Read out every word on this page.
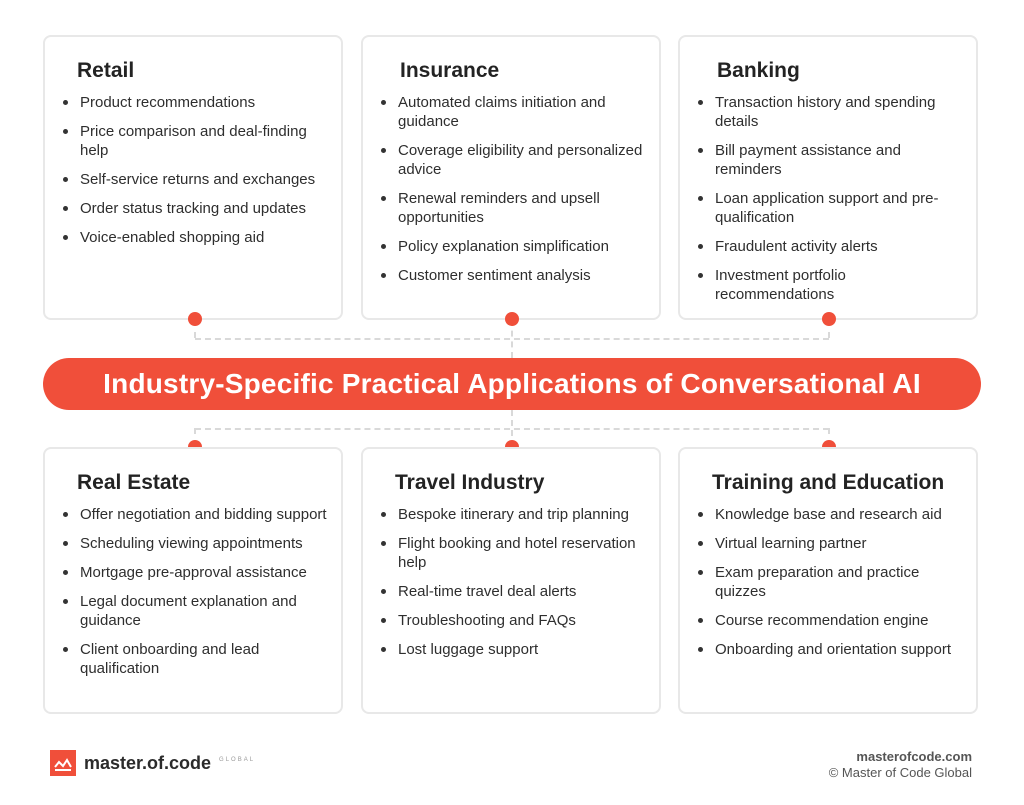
Retail
Product recommendations
Price comparison and deal-finding help
Self-service returns and exchanges
Order status tracking and updates
Voice-enabled shopping aid
Insurance
Automated claims initiation and guidance
Coverage eligibility and personalized advice
Renewal reminders and upsell opportunities
Policy explanation simplification
Customer sentiment analysis
Banking
Transaction history and spending details
Bill payment assistance and reminders
Loan application support and pre-qualification
Fraudulent activity alerts
Investment portfolio recommendations
Industry-Specific Practical Applications of Conversational AI
Real Estate
Offer negotiation and bidding support
Scheduling viewing appointments
Mortgage pre-approval assistance
Legal document explanation and guidance
Client onboarding and lead qualification
Travel Industry
Bespoke itinerary and trip planning
Flight booking and hotel reservation help
Real-time travel deal alerts
Troubleshooting and FAQs
Lost luggage support
Training and Education
Knowledge base and research aid
Virtual learning partner
Exam preparation and practice quizzes
Course recommendation engine
Onboarding and orientation support
master.of.code GLOBAL	masterofcode.com
© Master of Code Global
